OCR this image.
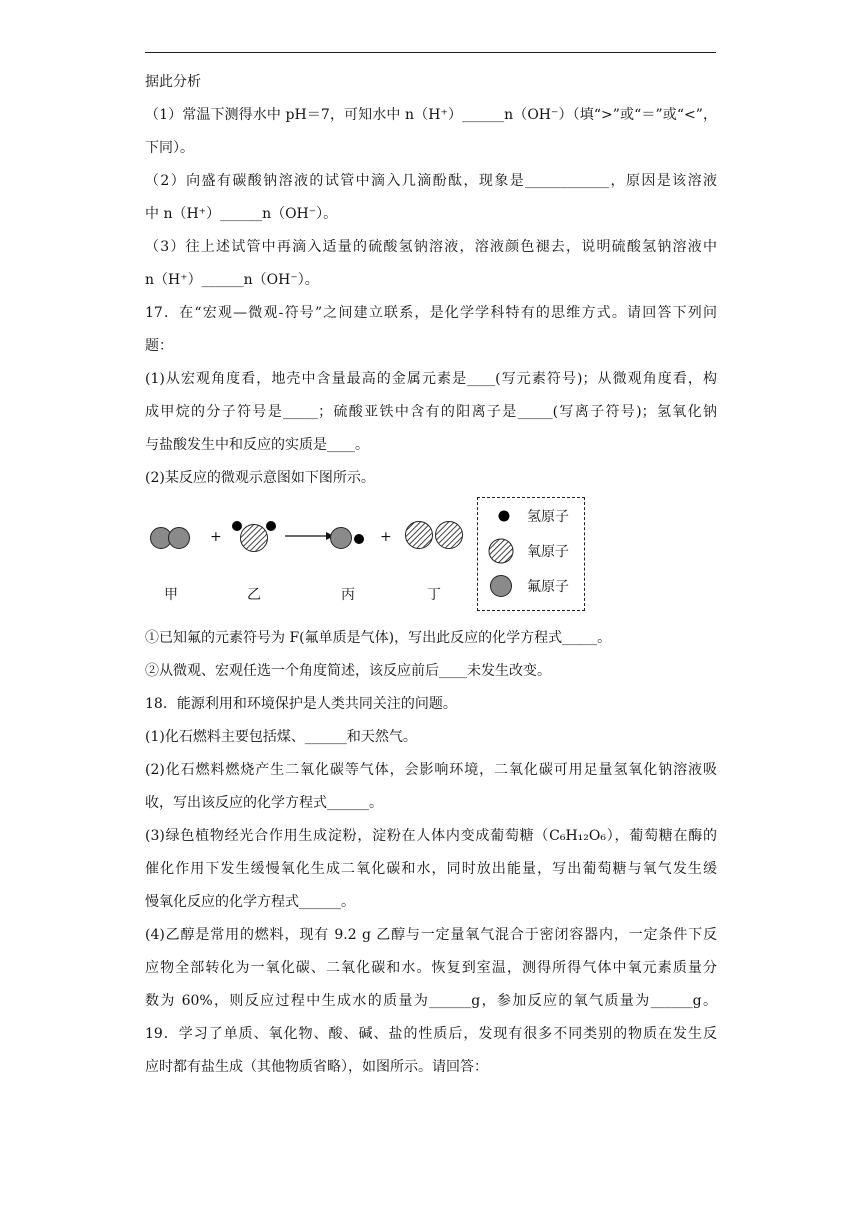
据此分析
（1）常温下测得水中 pH＝7，可知水中 n（H⁺）______n（OH⁻）（填“>”或“＝”或“<”，
下同）。
（2）向盛有碳酸钠溶液的试管中滴入几滴酚酞，现象是____________，原因是该溶液
中 n（H⁺）______n（OH⁻）。
（3）往上述试管中再滴入适量的硫酸氢钠溶液，溶液颜色褪去，说明硫酸氢钠溶液中
n（H⁺）______n（OH⁻）。
17．在“宏观—微观-符号”之间建立联系，是化学学科特有的思维方式。请回答下列问
题：
(1)从宏观角度看，地壳中含量最高的金属元素是____(写元素符号)；从微观角度看，构
成甲烷的分子符号是_____；硫酸亚铁中含有的阳离子是_____(写离子符号)；氢氧化钠
与盐酸发生中和反应的实质是____。
(2)某反应的微观示意图如下图所示。
+	+
甲	乙	丙	丁
氢原子
氧原子
氟原子
①已知氟的元素符号为 F(氟单质是气体)，写出此反应的化学方程式_____。
②从微观、宏观任选一个角度简述，该反应前后____未发生改变。
18．能源利用和环境保护是人类共同关注的问题。
(1)化石燃料主要包括煤、______和天然气。
(2)化石燃料燃烧产生二氧化碳等气体，会影响环境，二氧化碳可用足量氢氧化钠溶液吸
收，写出该反应的化学方程式______。
(3)绿色植物经光合作用生成淀粉，淀粉在人体内变成葡萄糖（C₆H₁₂O₆），葡萄糖在酶的
催化作用下发生缓慢氧化生成二氧化碳和水，同时放出能量，写出葡萄糖与氧气发生缓
慢氧化反应的化学方程式______。
(4)乙醇是常用的燃料，现有 9.2 g 乙醇与一定量氧气混合于密闭容器内，一定条件下反
应物全部转化为一氧化碳、二氧化碳和水。恢复到室温，测得所得气体中氧元素质量分
数为 60%，则反应过程中生成水的质量为______g，参加反应的氧气质量为______g。
19．学习了单质、氧化物、酸、碱、盐的性质后，发现有很多不同类别的物质在发生反
应时都有盐生成（其他物质省略），如图所示。请回答：
